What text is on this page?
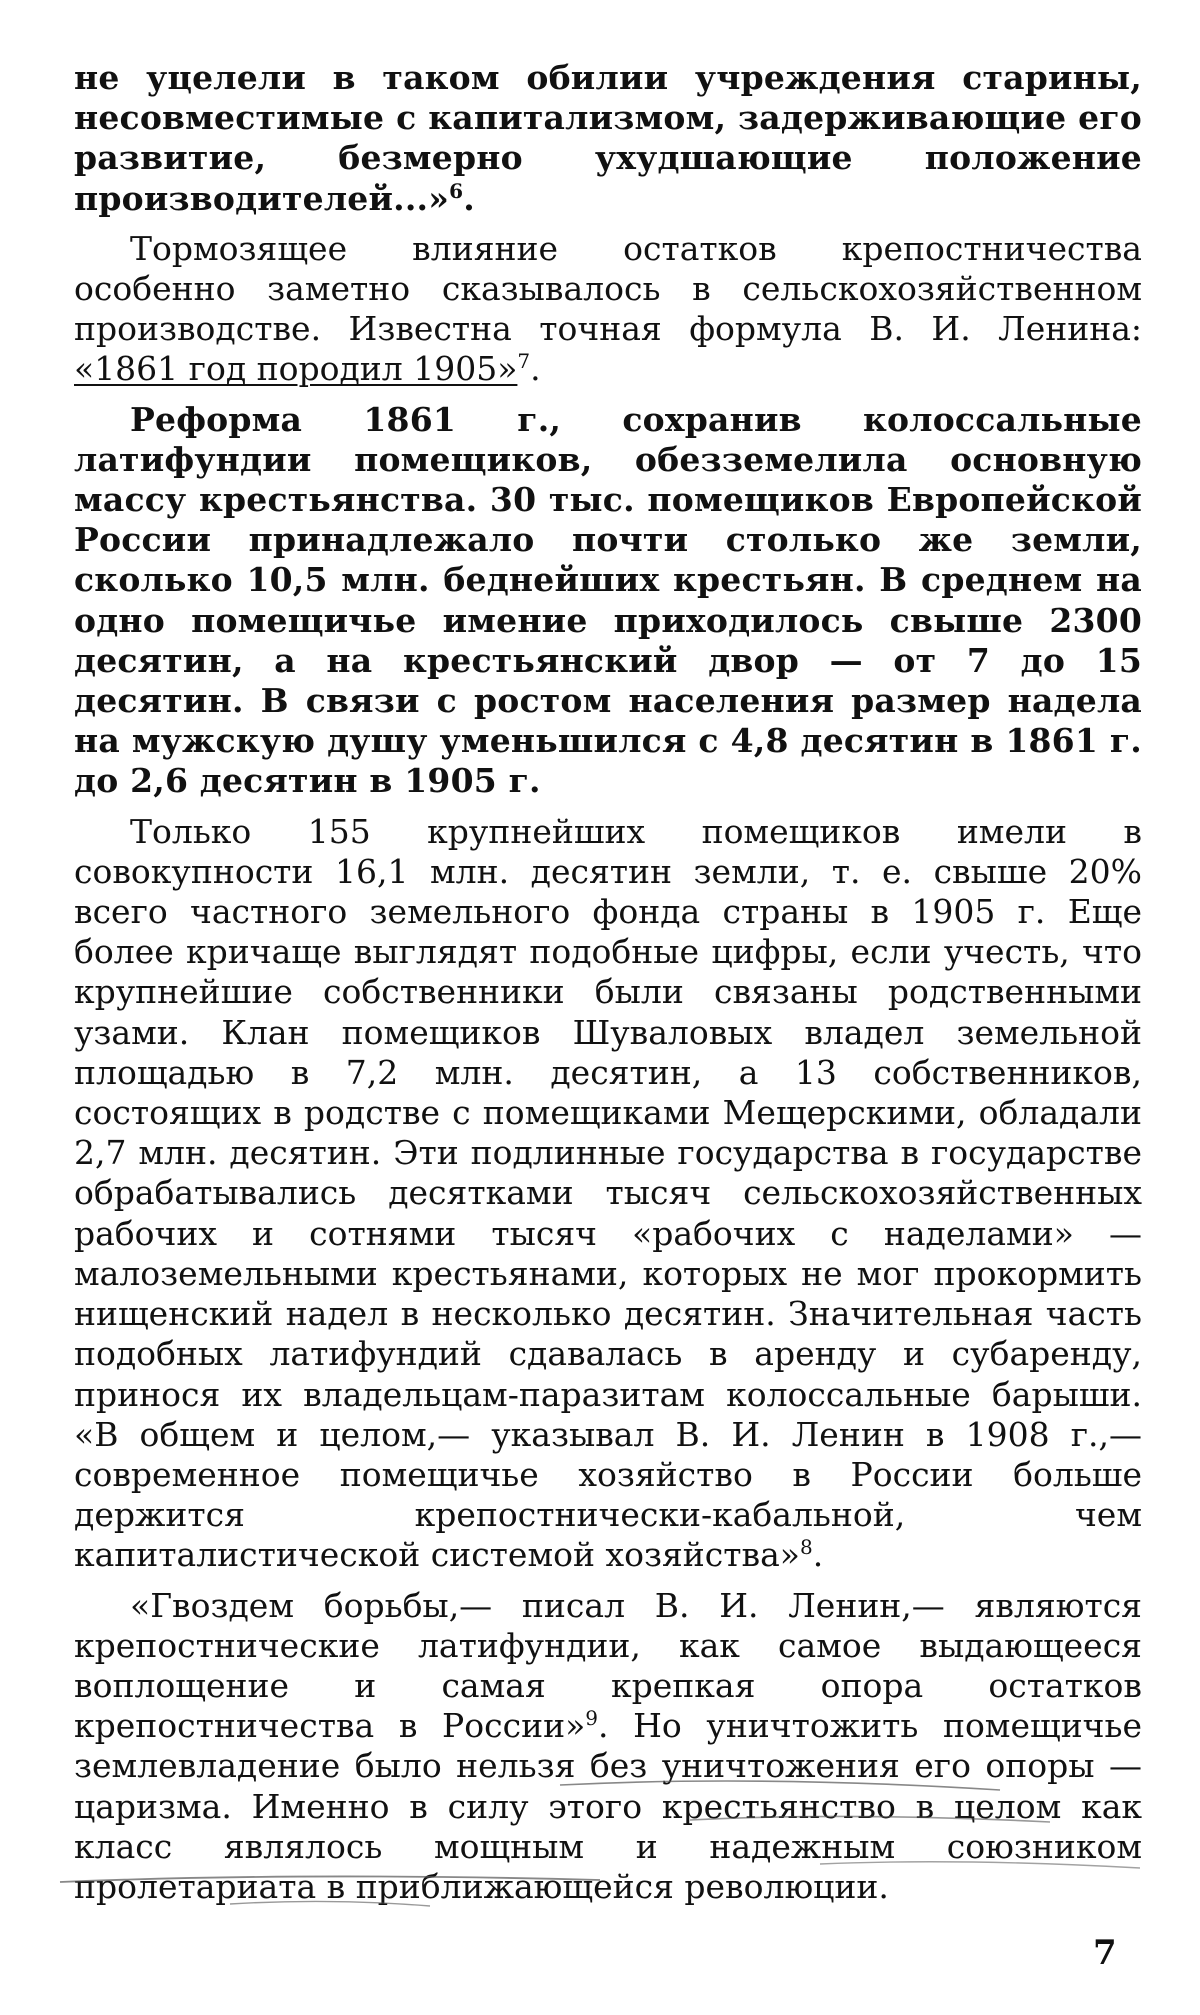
не уцелели в таком обилии учреждения старины, несовместимые с капитализмом, задерживающие его развитие, безмерно ухудшающие положение производителей...»$^6$.

Тормозящее влияние остатков крепостничества особенно заметно сказывалось в сельскохозяйственном производстве. Известна точная формула В. И. Ленина: «1861 год породил 1905»$^7$.

Реформа 1861 г., сохранив колоссальные латифундии помещиков, обезземелила основную массу крестьянства. 30 тыс. помещиков Европейской России принадлежало почти столько же земли, сколько 10,5 млн. беднейших крестьян. В среднем на одно помещичье имение приходилось свыше 2300 десятин, а на крестьянский двор — от 7 до 15 десятин. В связи с ростом населения размер надела на мужскую душу уменьшился с 4,8 десятин в 1861 г. до 2,6 десятин в 1905 г.

Только 155 крупнейших помещиков имели в совокупности 16,1 млн. десятин земли, т. е. свыше 20% всего частного земельного фонда страны в 1905 г. Еще более кричаще выглядят подобные цифры, если учесть, что крупнейшие собственники были связаны родственными узами. Клан помещиков Шуваловых владел земельной площадью в 7,2 млн. десятин, а 13 собственников, состоящих в родстве с помещиками Мещерскими, обладали 2,7 млн. десятин. Эти подлинные государства в государстве обрабатывались десятками тысяч сельскохозяйственных рабочих и сотнями тысяч «рабочих с наделами» — малоземельными крестьянами, которых не мог прокормить нищенский надел в несколько десятин. Значительная часть подобных латифундий сдавалась в аренду и субаренду, принося их владельцам-паразитам колоссальные барыши. «В общем и целом,— указывал В. И. Ленин в 1908 г.,— современное помещичье хозяйство в России больше держится крепостнически-кабальной, чем капиталистической системой хозяйства»$^8$.

«Гвоздем борьбы,— писал В. И. Ленин,— являются крепостнические латифундии, как самое выдающееся воплощение и самая крепкая опора остатков крепостничества в России»$^9$. Но уничтожить помещичье землевладение было нельзя без уничтожения его опоры — царизма. Именно в силу этого крестьянство в целом как класс являлось мощным и надежным союзником пролетариата в приближающейся революции.

7
